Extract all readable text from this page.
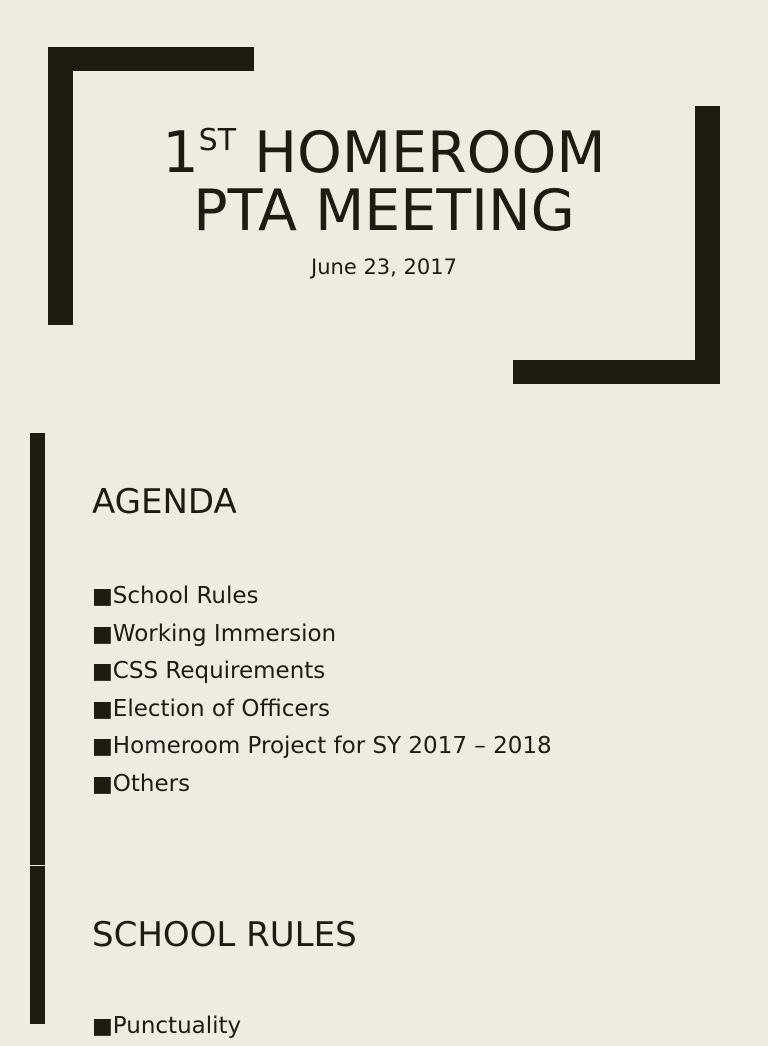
1ST HOMEROOM
PTA MEETING
June 23, 2017
AGENDA
■School Rules
■Working Immersion
■CSS Requirements
■Election of Officers
■Homeroom Project for SY 2017 – 2018
■Others
SCHOOL RULES
■Punctuality
